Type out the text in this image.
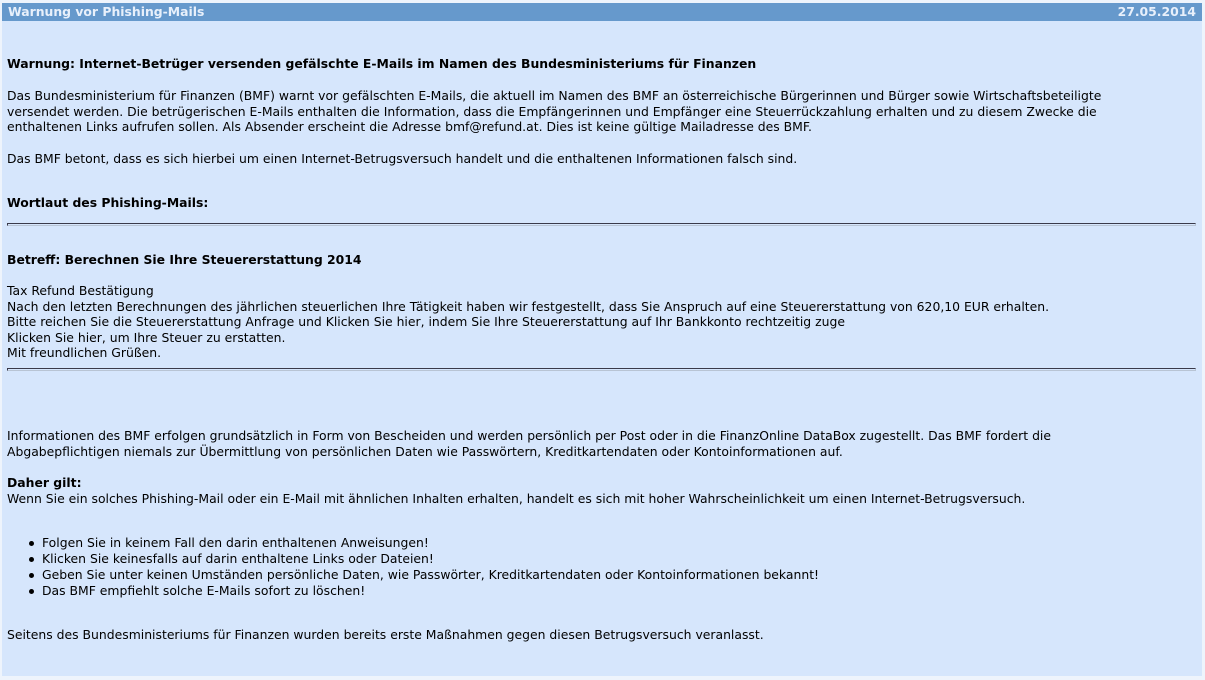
Warnung vor Phishing-Mails	27.05.2014
Warnung: Internet-Betrüger versenden gefälschte E-Mails im Namen des Bundesministeriums für Finanzen
Das Bundesministerium für Finanzen (BMF) warnt vor gefälschten E-Mails, die aktuell im Namen des BMF an österreichische Bürgerinnen und Bürger sowie Wirtschaftsbeteiligte
versendet werden. Die betrügerischen E-Mails enthalten die Information, dass die Empfängerinnen und Empfänger eine Steuerrückzahlung erhalten und zu diesem Zwecke die
enthaltenen Links aufrufen sollen. Als Absender erscheint die Adresse bmf@refund.at. Dies ist keine gültige Mailadresse des BMF.
Das BMF betont, dass es sich hierbei um einen Internet-Betrugsversuch handelt und die enthaltenen Informationen falsch sind.
Wortlaut des Phishing-Mails:
Betreff: Berechnen Sie Ihre Steuererstattung 2014
Tax Refund Bestätigung
Nach den letzten Berechnungen des jährlichen steuerlichen Ihre Tätigkeit haben wir festgestellt, dass Sie Anspruch auf eine Steuererstattung von 620,10 EUR erhalten.
Bitte reichen Sie die Steuererstattung Anfrage und Klicken Sie hier, indem Sie Ihre Steuererstattung auf Ihr Bankkonto rechtzeitig zuge
Klicken Sie hier, um Ihre Steuer zu erstatten.
Mit freundlichen Grüßen.
Informationen des BMF erfolgen grundsätzlich in Form von Bescheiden und werden persönlich per Post oder in die FinanzOnline DataBox zugestellt. Das BMF fordert die
Abgabepflichtigen niemals zur Übermittlung von persönlichen Daten wie Passwörtern, Kreditkartendaten oder Kontoinformationen auf.
Daher gilt:
Wenn Sie ein solches Phishing-Mail oder ein E-Mail mit ähnlichen Inhalten erhalten, handelt es sich mit hoher Wahrscheinlichkeit um einen Internet-Betrugsversuch.
Folgen Sie in keinem Fall den darin enthaltenen Anweisungen!
Klicken Sie keinesfalls auf darin enthaltene Links oder Dateien!
Geben Sie unter keinen Umständen persönliche Daten, wie Passwörter, Kreditkartendaten oder Kontoinformationen bekannt!
Das BMF empfiehlt solche E-Mails sofort zu löschen!
Seitens des Bundesministeriums für Finanzen wurden bereits erste Maßnahmen gegen diesen Betrugsversuch veranlasst.
